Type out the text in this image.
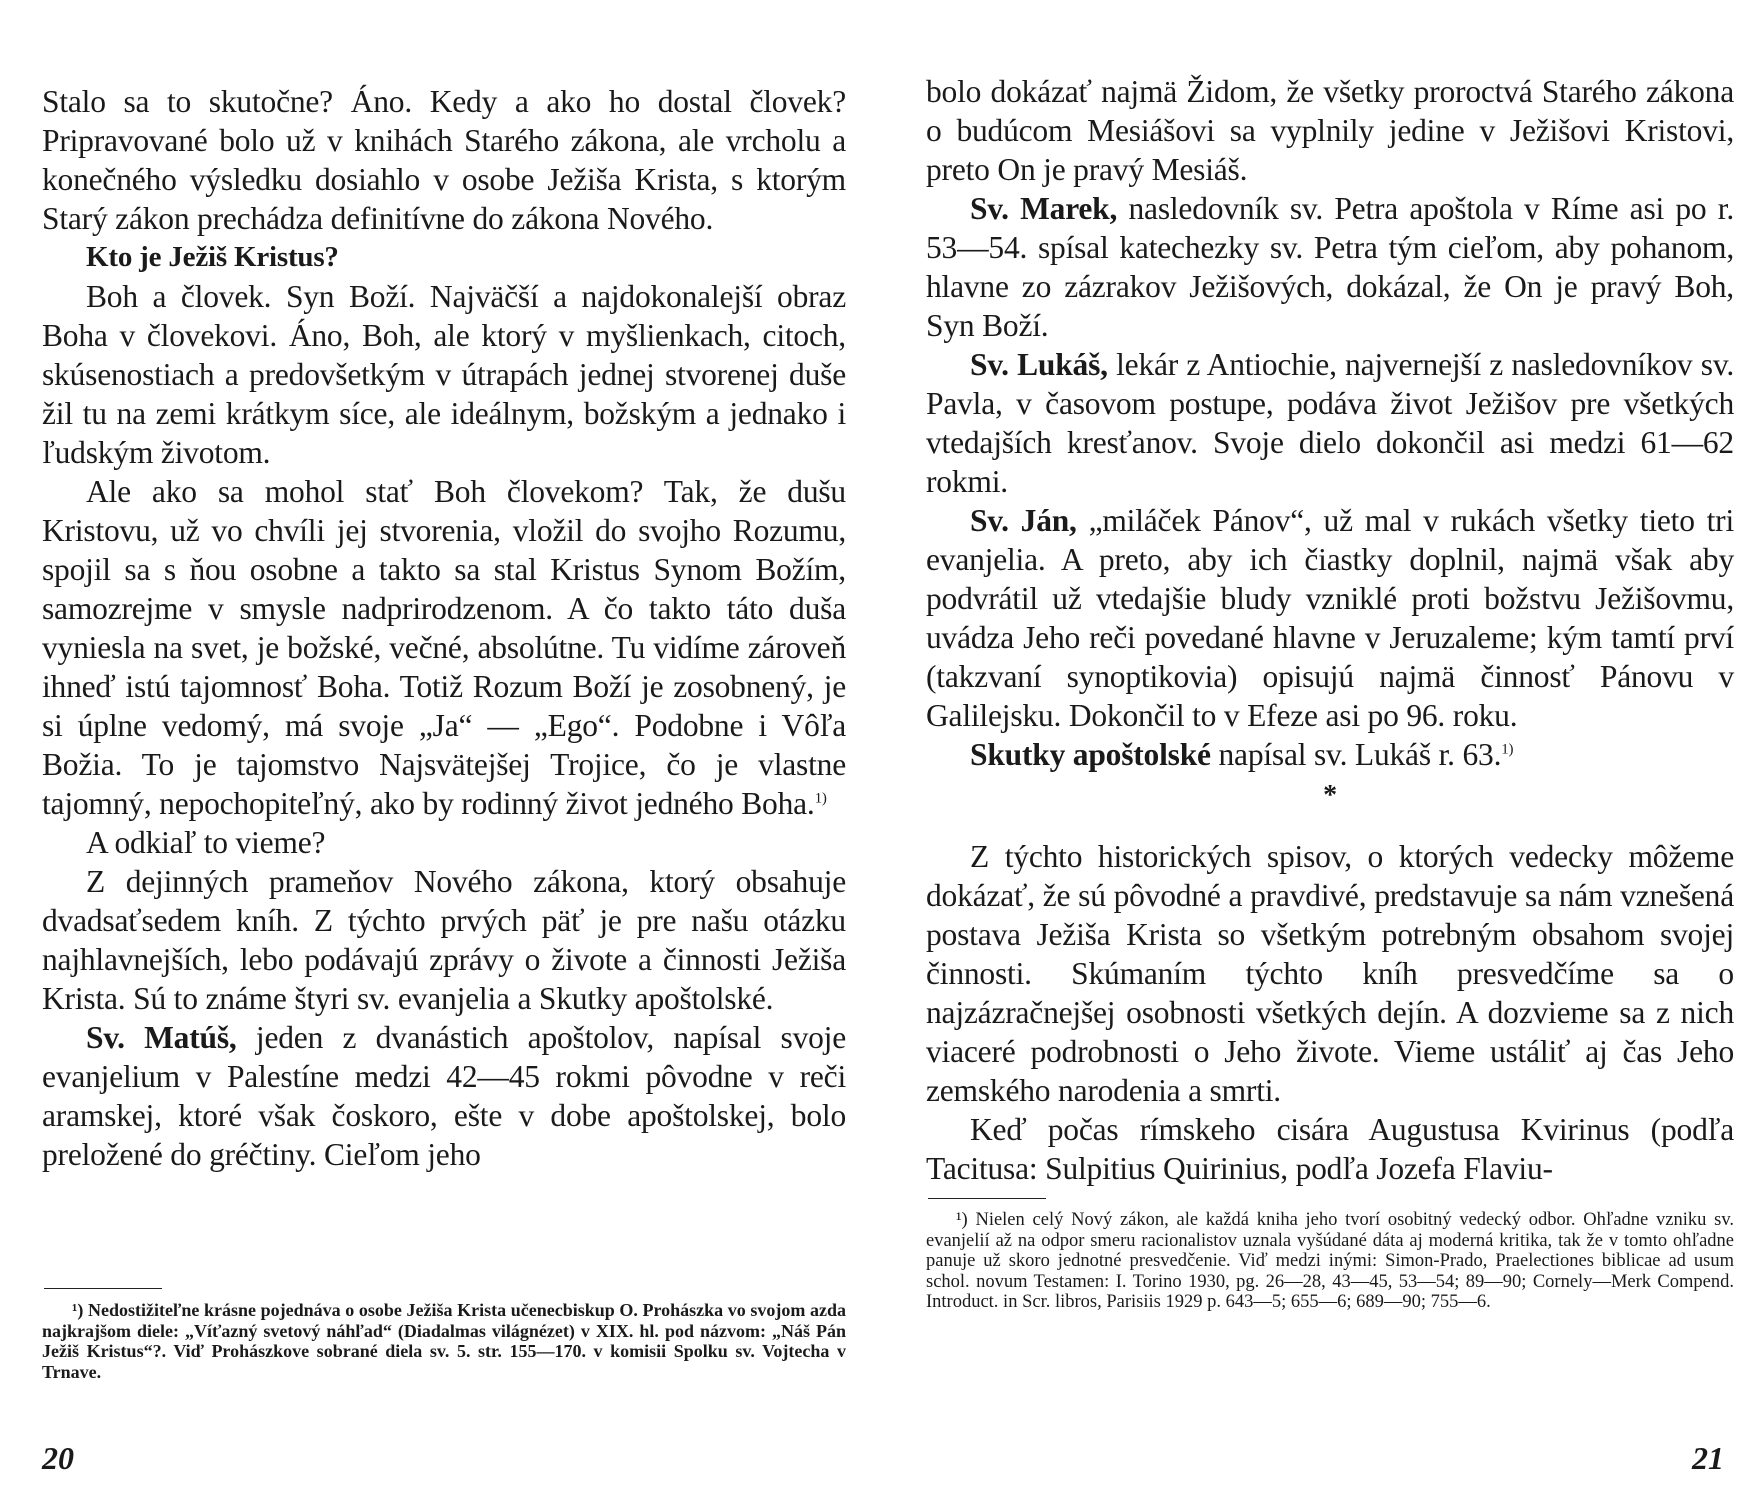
Stalo sa to skutočne? Áno. Kedy a ako ho dostal človek? Pripravované bolo už v knihách Starého zákona, ale vrcholu a konečného výsledku dosiahlo v osobe Ježiša Krista, s ktorým Starý zákon prechádza definitívne do zákona Nového.

Kto je Ježiš Kristus?

Boh a človek. Syn Boží. Najväčší a najdokonalejší obraz Boha v človekovi. Áno, Boh, ale ktorý v myšlienkach, citoch, skúsenostiach a predovšetkým v útrapách jednej stvorenej duše žil tu na zemi krátkym síce, ale ideálnym, božským a jednako i ľudským životom.

Ale ako sa mohol stať Boh človekom? Tak, že dušu Kristovu, už vo chvíli jej stvorenia, vložil do svojho Rozumu, spojil sa s ňou osobne a takto sa stal Kristus Synom Božím, samozrejme v smysle nadprirodzenom. A čo takto táto duša vyniesla na svet, je božské, večné, absolútne. Tu vidíme zároveň ihneď istú tajomnosť Boha. Totiž Rozum Boží je zosobnený, je si úplne vedomý, má svoje „Ja“ — „Ego“. Podobne i Vôľa Božia. To je tajomstvo Najsvätejšej Trojice, čo je vlastne tajomný, nepochopiteľný, ako by rodinný život jedného Boha.$^{1)}$

A odkiaľ to vieme?

Z dejinných prameňov Nového zákona, ktorý obsahuje dvadsaťsedem kníh. Z týchto prvých päť je pre našu otázku najhlavnejších, lebo podávajú zprávy o živote a činnosti Ježiša Krista. Sú to známe štyri sv. evanjelia a Skutky apoštolské.

Sv. Matúš, jeden z dvanástich apoštolov, napísal svoje evanjelium v Palestíne medzi 42—45 rokmi pôvodne v reči aramskej, ktoré však čoskoro, ešte v dobe apoštolskej, bolo preložené do gréčtiny. Cieľom jeho

¹) Nedostižiteľne krásne pojednáva o osobe Ježiša Krista učenecbiskup O. Prohászka vo svojom azda najkrajšom diele: „Víťazný svetový náhľad“ (Diadalmas világnézet) v XIX. hl. pod názvom: „Náš Pán Ježiš Kristus“?. Viď Prohászkove sobrané diela sv. 5. str. 155—170. v komisii Spolku sv. Vojtecha v Trnave.

20

bolo dokázať najmä Židom, že všetky proroctvá Starého zákona o budúcom Mesiášovi sa vyplnily jedine v Ježišovi Kristovi, preto On je pravý Mesiáš.

Sv. Marek, nasledovník sv. Petra apoštola v Ríme asi po r. 53—54. spísal katechezky sv. Petra tým cieľom, aby pohanom, hlavne zo zázrakov Ježišových, dokázal, že On je pravý Boh, Syn Boží.

Sv. Lukáš, lekár z Antiochie, najvernejší z nasledovníkov sv. Pavla, v časovom postupe, podáva život Ježišov pre všetkých vtedajších kresťanov. Svoje dielo dokončil asi medzi 61—62 rokmi.

Sv. Ján, „miláček Pánov“, už mal v rukách všetky tieto tri evanjelia. A preto, aby ich čiastky doplnil, najmä však aby podvrátil už vtedajšie bludy vzniklé proti božstvu Ježišovmu, uvádza Jeho reči povedané hlavne v Jeruzaleme; kým tamtí prví (takzvaní synoptikovia) opisujú najmä činnosť Pánovu v Galilejsku. Dokončil to v Efeze asi po 96. roku.

Skutky apoštolské napísal sv. Lukáš r. 63.$^{1)}$

*

Z týchto historických spisov, o ktorých vedecky môžeme dokázať, že sú pôvodné a pravdivé, predstavuje sa nám vznešená postava Ježiša Krista so všetkým potrebným obsahom svojej činnosti. Skúmaním týchto kníh presvedčíme sa o najzázračnejšej osobnosti všetkých dejín. A dozvieme sa z nich viaceré podrobnosti o Jeho živote. Vieme ustáliť aj čas Jeho zemského narodenia a smrti.

Keď počas rímskeho cisára Augustusa Kvirinus (podľa Tacitusa: Sulpitius Quirinius, podľa Jozefa Flaviu-

¹) Nielen celý Nový zákon, ale každá kniha jeho tvorí osobitný vedecký odbor. Ohľadne vzniku sv. evanjelií až na odpor smeru racionalistov uznala vyšúdané dáta aj moderná kritika, tak že v tomto ohľadne panuje už skoro jednotné presvedčenie. Viď medzi inými: Simon-Prado, Praelectiones biblicae ad usum schol. novum Testamen: I. Torino 1930, pg. 26—28, 43—45, 53—54; 89—90; Cornely—Merk Compend. Introduct. in Scr. libros, Parisiis 1929 p. 643—5; 655—6; 689—90; 755—6.

21
